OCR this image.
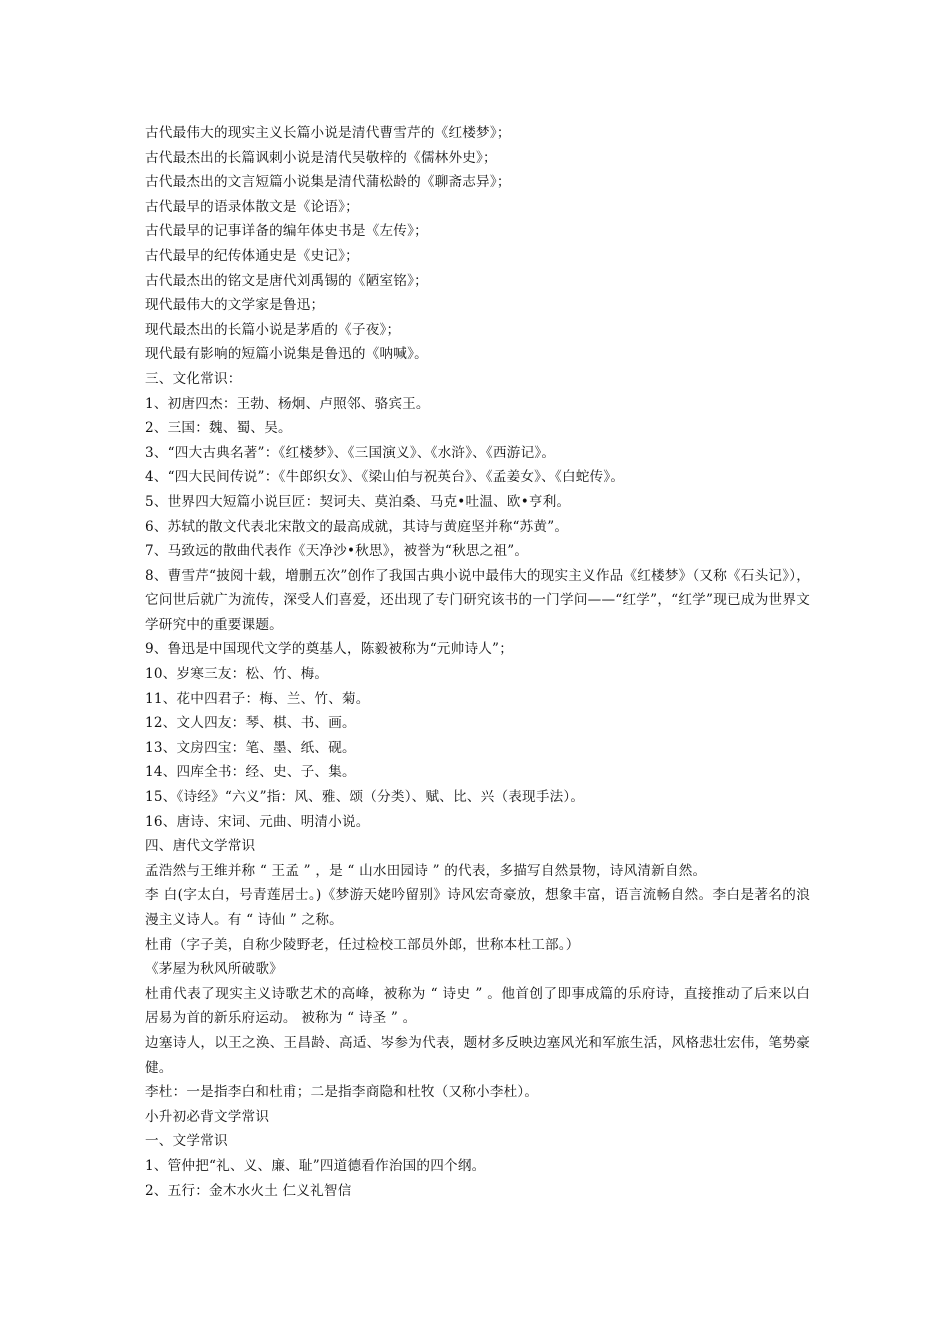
古代最伟大的现实主义长篇小说是清代曹雪芹的《红楼梦》；
古代最杰出的长篇讽刺小说是清代吴敬梓的《儒林外史》；
古代最杰出的文言短篇小说集是清代蒲松龄的《聊斋志异》；
古代最早的语录体散文是《论语》；
古代最早的记事详备的编年体史书是《左传》；
古代最早的纪传体通史是《史记》；
古代最杰出的铭文是唐代刘禹锡的《陋室铭》；
现代最伟大的文学家是鲁迅；
现代最杰出的长篇小说是茅盾的《子夜》；
现代最有影响的短篇小说集是鲁迅的《呐喊》。
三、文化常识：
1、初唐四杰：王勃、杨炯、卢照邻、骆宾王。
2、三国：魏、蜀、吴。
3、“四大古典名著”：《红楼梦》、《三国演义》、《水浒》、《西游记》。
4、“四大民间传说”：《牛郎织女》、《梁山伯与祝英台》、《孟姜女》、《白蛇传》。
5、世界四大短篇小说巨匠：契诃夫、莫泊桑、马克•吐温、欧•亨利。
6、苏轼的散文代表北宋散文的最高成就，其诗与黄庭坚并称“苏黄”。
7、马致远的散曲代表作《天净沙•秋思》，被誉为“秋思之祖”。
8、曹雪芹“披阅十载，增删五次”创作了我国古典小说中最伟大的现实主义作品《红楼梦》（又称《石头记》），它问世后就广为流传，深受人们喜爱，还出现了专门研究该书的一门学问——“红学”，“红学”现已成为世界文学研究中的重要课题。
9、鲁迅是中国现代文学的奠基人，陈毅被称为“元帅诗人”；
10、岁寒三友：松、竹、梅。
11、花中四君子：梅、兰、竹、菊。
12、文人四友：琴、棋、书、画。
13、文房四宝：笔、墨、纸、砚。
14、四库全书：经、史、子、集。
15、《诗经》“六义”指：风、雅、颂（分类）、赋、比、兴（表现手法）。
16、唐诗、宋词、元曲、明清小说。
四、唐代文学常识
孟浩然与王维并称 “ 王孟 ” ，是 “ 山水田园诗 ” 的代表，多描写自然景物，诗风清新自然。
李 白(字太白，号青莲居士。)《梦游天姥吟留别》诗风宏奇豪放，想象丰富，语言流畅自然。李白是著名的浪漫主义诗人。有 “ 诗仙 ” 之称。
杜甫（字子美，自称少陵野老，任过检校工部员外郎，世称本杜工部。）
《茅屋为秋风所破歌》
杜甫代表了现实主义诗歌艺术的高峰，被称为 “ 诗史 ” 。他首创了即事成篇的乐府诗，直接推动了后来以白居易为首的新乐府运动。 被称为 “ 诗圣 ” 。
边塞诗人，以王之涣、王昌龄、高适、岑参为代表，题材多反映边塞风光和军旅生活，风格悲壮宏伟，笔势豪健。
李杜：一是指李白和杜甫；二是指李商隐和杜牧（又称小李杜）。
小升初必背文学常识
一、文学常识
1、管仲把“礼、义、廉、耻”四道德看作治国的四个纲。
2、五行：金木水火土 仁义礼智信
